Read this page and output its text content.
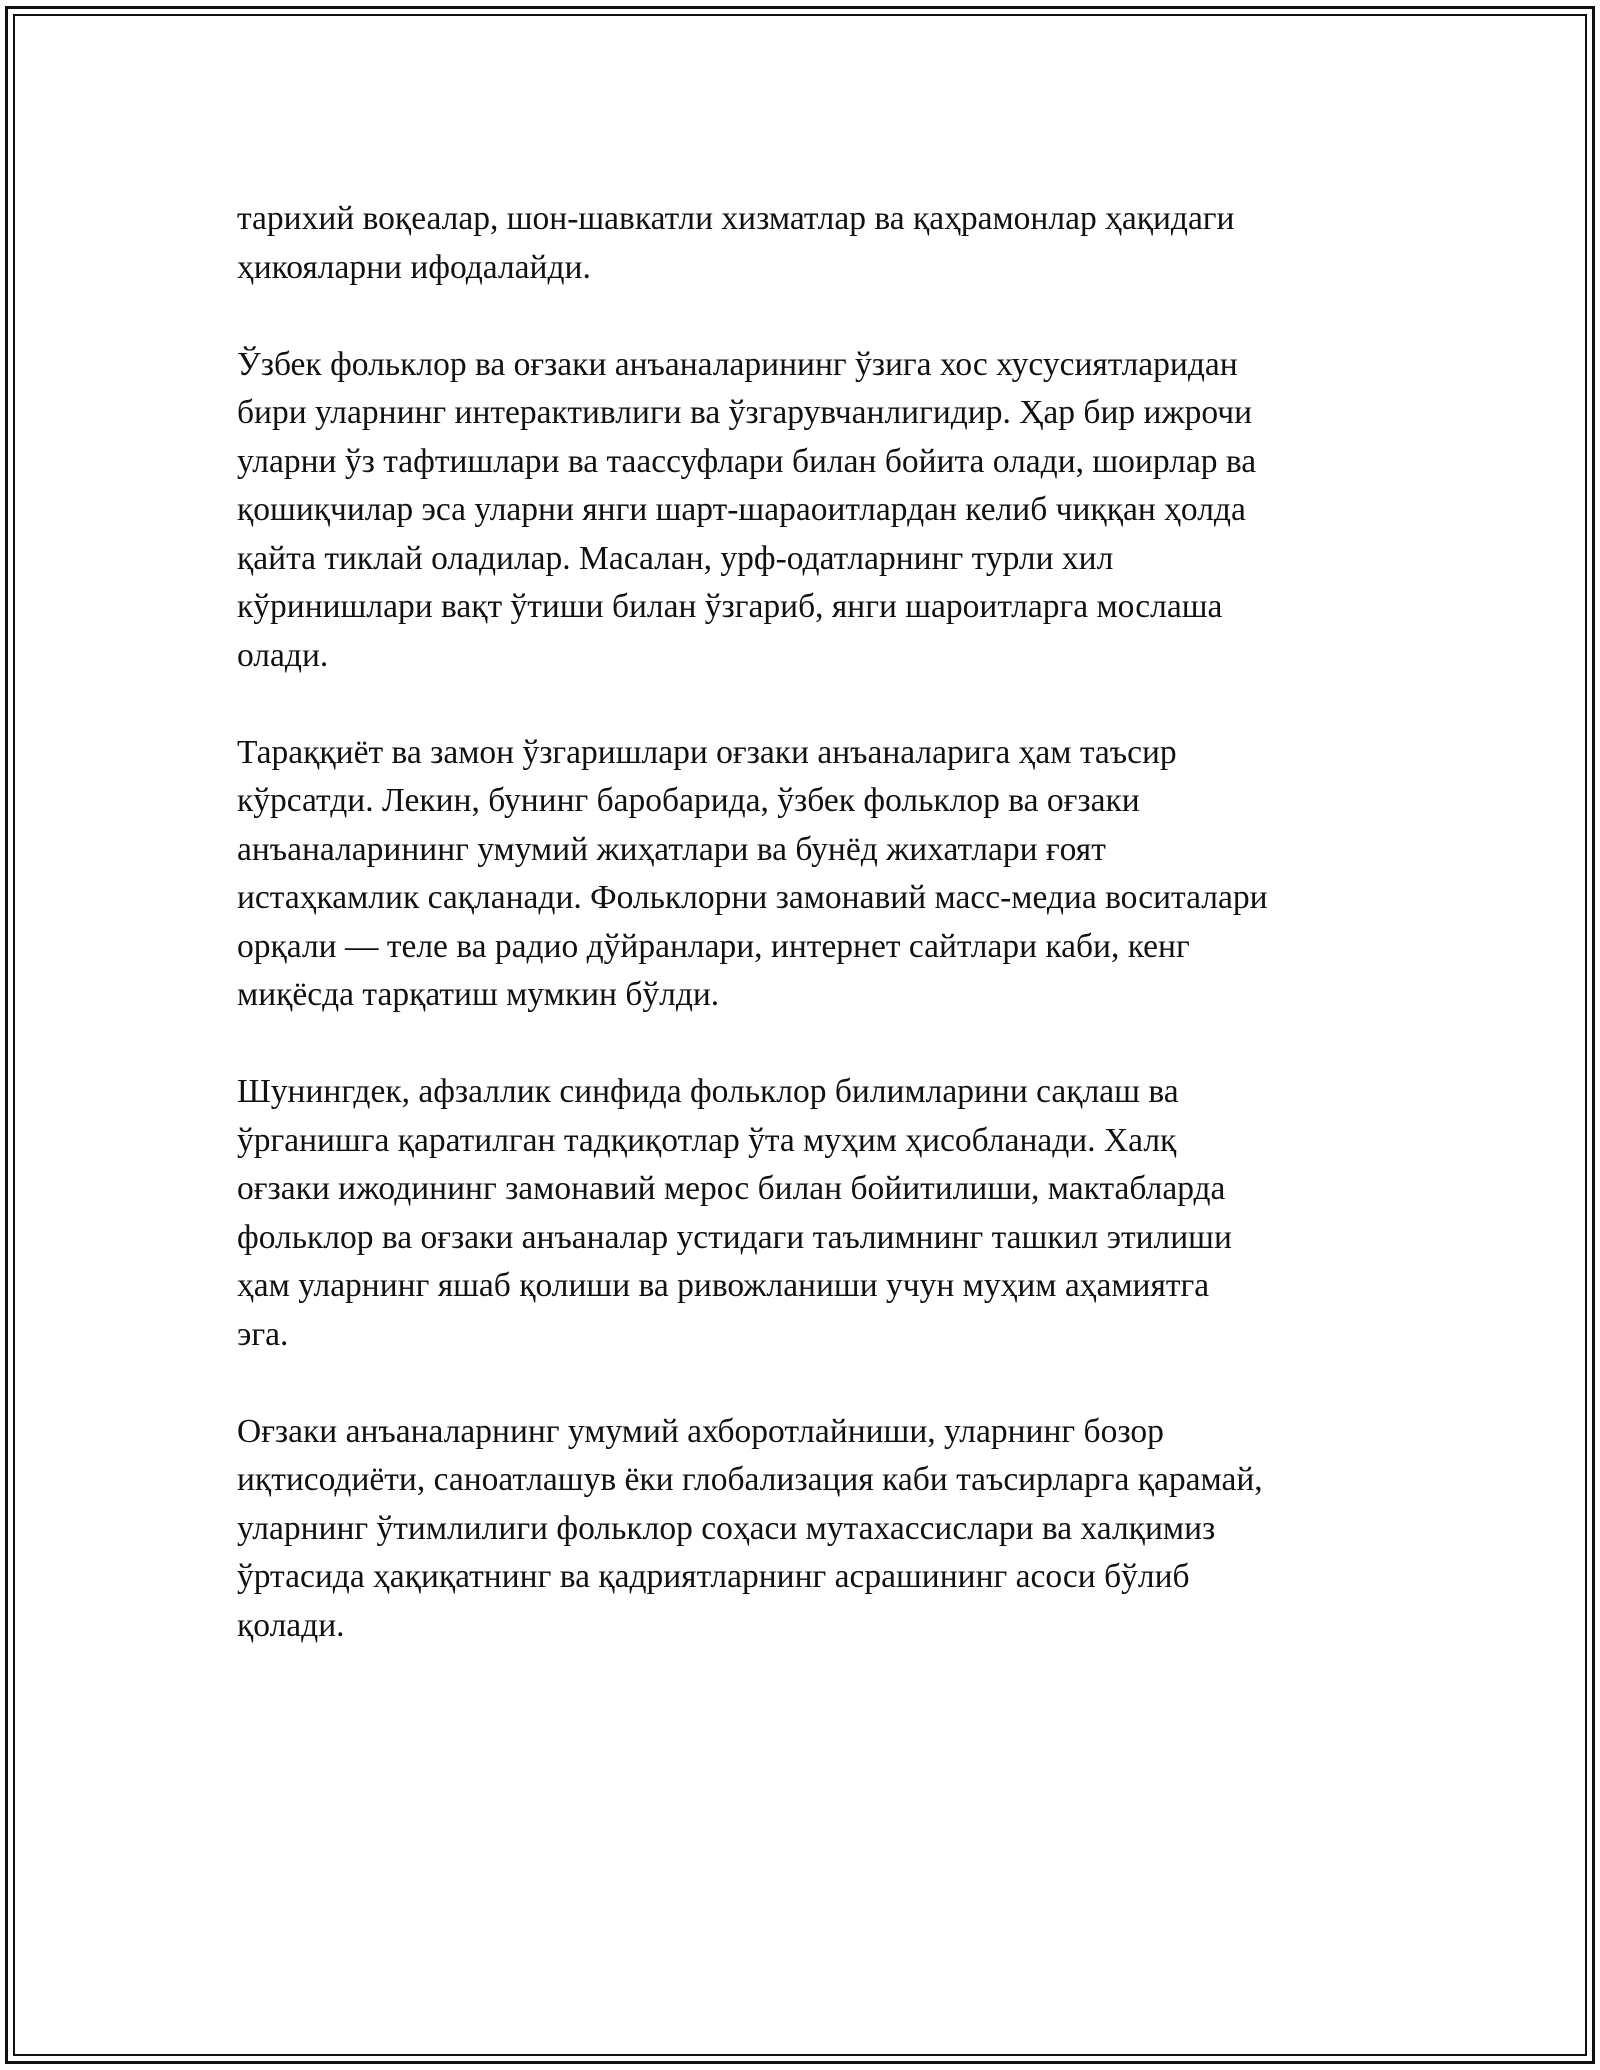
тарихий воқеалар, шон-шавкатли хизматлар ва қаҳрамонлар ҳақидаги
ҳикояларни ифодалайди.

Ўзбек фольклор ва оғзаки анъаналарининг ўзига хос хусусиятларидан
бири уларнинг интерактивлиги ва ўзгарувчанлигидир. Ҳар бир ижрочи
уларни ўз тафтишлари ва таассуфлари билан бойита олади, шоирлар ва
қошиқчилар эса уларни янги шарт-шараоитлардан келиб чиққан ҳолда
қайта тиклай оладилар. Масалан, урф-одатларнинг турли хил
кўринишлари вақт ўтиши билан ўзгариб, янги шароитларга мослаша
олади.

Тараққиёт ва замон ўзгаришлари оғзаки анъаналарига ҳам таъсир
кўрсатди. Лекин, бунинг баробарида, ўзбек фольклор ва оғзаки
анъаналарининг умумий жиҳатлари ва бунёд жихатлари ғоят
истаҳкамлик сақланади. Фольклорни замонавий масс-медиа воситалари
орқали — теле ва радио дўйранлари, интернет сайтлари каби, кенг
миқёсда тарқатиш мумкин бўлди.

Шунингдек, афзаллик синфида фольклор билимларини сақлаш ва
ўрганишга қаратилган тадқиқотлар ўта муҳим ҳисобланади. Халқ
оғзаки ижодининг замонавий мерос билан бойитилиши, мактабларда
фольклор ва оғзаки анъаналар устидаги таълимнинг ташкил этилиши
ҳам уларнинг яшаб қолиши ва ривожланиши учун муҳим аҳамиятга
эга.

Оғзаки анъаналарнинг умумий ахборотлайниши, уларнинг бозор
иқтисодиёти, саноатлашув ёки глобализация каби таъсирларга қарамай,
уларнинг ўтимлилиги фольклор соҳаси мутахассислари ва халқимиз
ўртасида ҳақиқатнинг ва қадриятларнинг асрашининг асоси бўлиб
қолади.
